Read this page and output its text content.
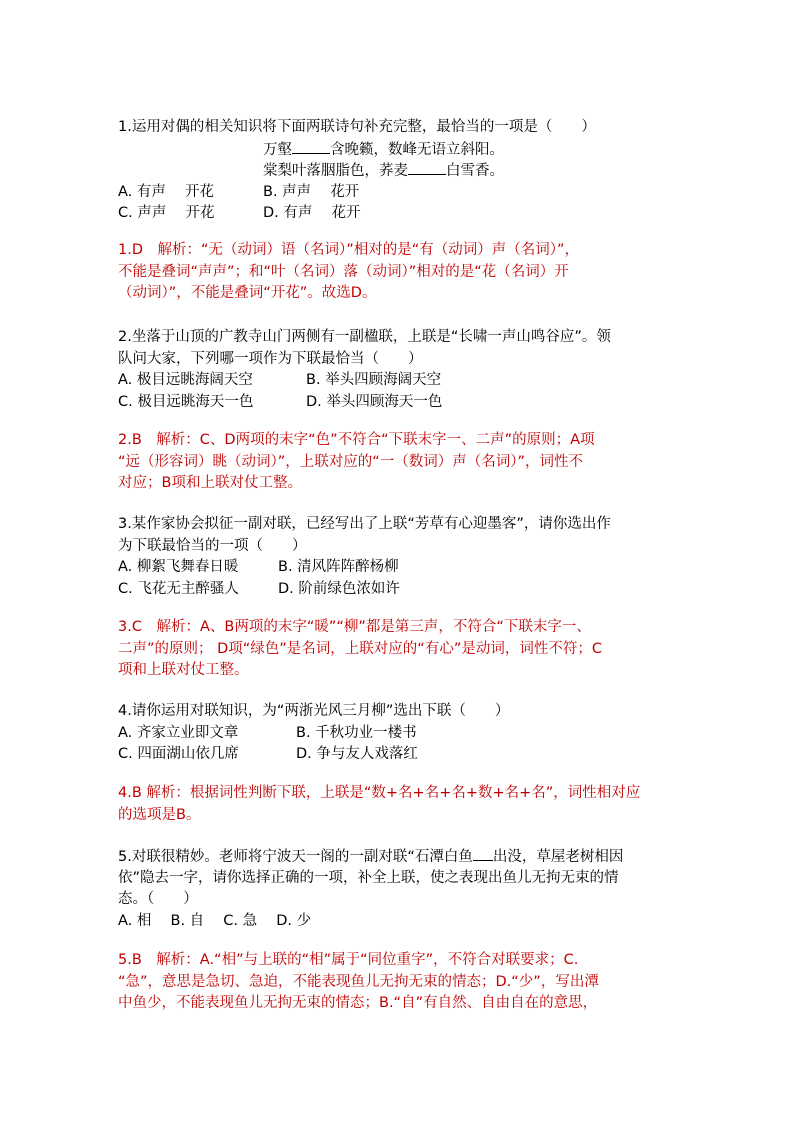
1.运用对偶的相关知识将下面两联诗句补充完整，最恰当的一项是（　　）
万壑	含晚籁，数峰无语立斜阳。
棠梨叶落胭脂色，荞麦	白雪香。
A. 有声　 开花	B. 声声　 花开
C. 声声　 开花	D. 有声　 花开
1.D　解析：“无（动词）语（名词）”相对的是“有（动词）声（名词）”，
不能是叠词“声声”；和“叶（名词）落（动词）”相对的是“花（名词）开
（动词）”，不能是叠词“开花”。故选D。
2.坐落于山顶的广教寺山门两侧有一副楹联，上联是“长啸一声山鸣谷应”。领
队问大家，下列哪一项作为下联最恰当（　　）
A. 极目远眺海阔天空	B. 举头四顾海阔天空
C. 极目远眺海天一色	D. 举头四顾海天一色
2.B　解析：C、D两项的末字“色”不符合“下联末字一、二声”的原则；A项
“远（形容词）眺（动词）”，上联对应的“一（数词）声（名词）”，词性不
对应；B项和上联对仗工整。
3.某作家协会拟征一副对联，已经写出了上联“芳草有心迎墨客”，请你选出作
为下联最恰当的一项（　　）
A. 柳絮飞舞春日暖	B. 清风阵阵醉杨柳
C. 飞花无主醉骚人	D. 阶前绿色浓如许
3.C　解析：A、B两项的末字“暖”“柳”都是第三声，不符合“下联末字一、
二声”的原则； D项“绿色”是名词，上联对应的“有心”是动词，词性不符；C
项和上联对仗工整。
4.请你运用对联知识，为“两浙光风三月柳”选出下联（　　）
A. 齐家立业即文章	B. 千秋功业一楼书
C. 四面湖山依几席	D. 争与友人戏落红
4.B 解析：根据词性判断下联，上联是“数+名+名+名+数+名+名”，词性相对应
的选项是B。
5.对联很精妙。老师将宁波天一阁的一副对联“石潭白鱼 出没，草屋老树相因
依”隐去一字，请你选择正确的一项，补全上联，使之表现出鱼儿无拘无束的情
态。（　　）
A. 相　 B. 自　 C. 急　 D. 少
5.B　解析：A.“相”与上联的“相”属于“同位重字”，不符合对联要求；C.
“急”，意思是急切、急迫，不能表现鱼儿无拘无束的情态；D.“少”，写出潭
中鱼少，不能表现鱼儿无拘无束的情态；B.“自”有自然、自由自在的意思，
